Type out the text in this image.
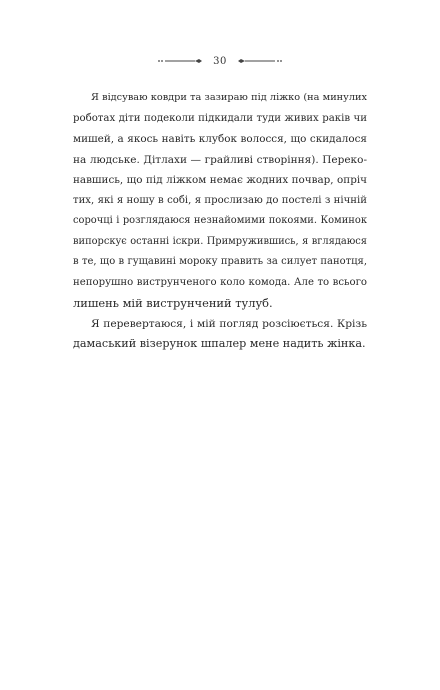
30

Я відсуваю ковдри та зазираю під ліжко (на минулих
роботах діти подеколи підкидали туди живих раків чи
мишей, а якось навіть клубок волосся, що скидалося
на людське. Дітлахи — грайливі створіння). Переко-
навшись, що під ліжком немає жодних почвар, опріч
тих, які я ношу в собі, я прослизаю до постелі з нічній
сорочці і розглядаюся незнайомими покоями. Коминок
випорскує останні іскри. Примружившись, я вглядаюся
в те, що в гущавині мороку править за силует панотця,
непорушно виструнченого коло комода. Але то всього
лишень мій виструнчений тулуб.

Я перевертаюся, і мій погляд розсіюється. Крізь
дамаський візерунок шпалер мене надить жінка.
